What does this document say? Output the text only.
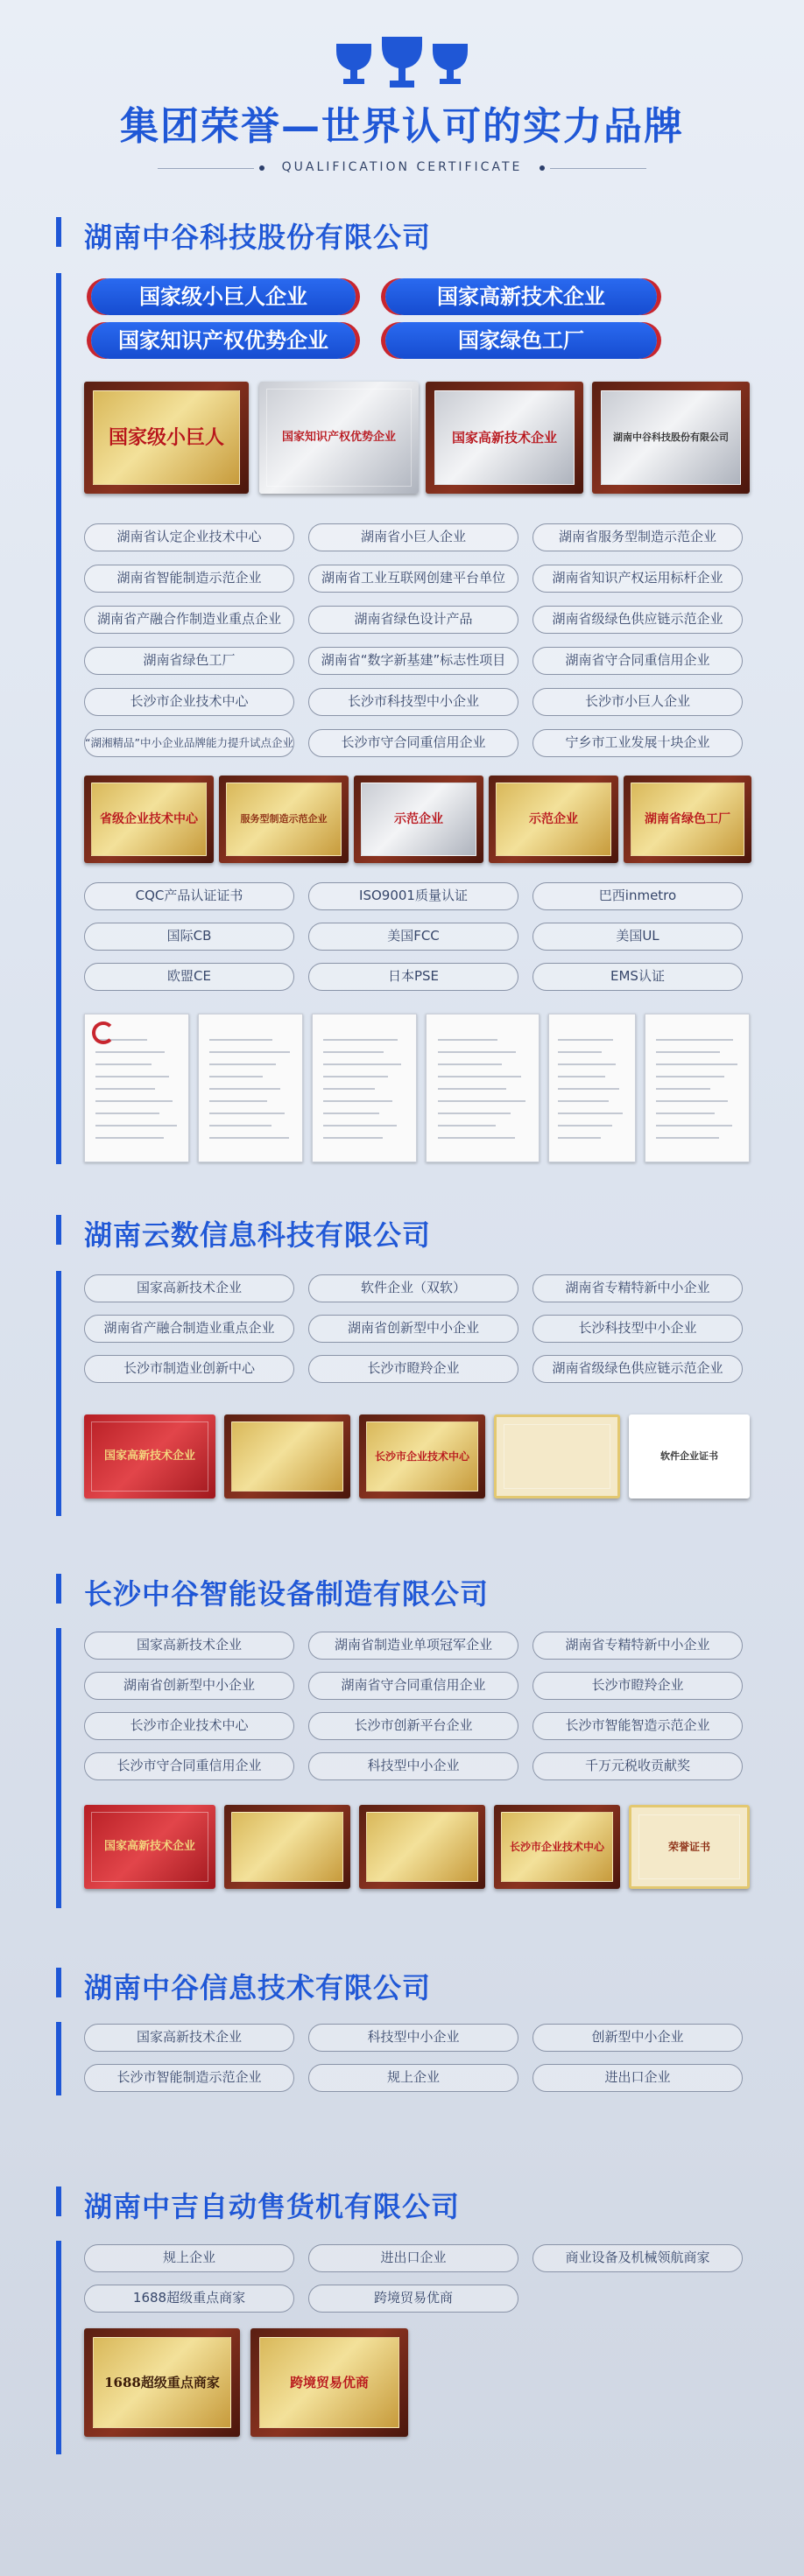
集团荣誉—世界认可的实力品牌
QUALIFICATION CERTIFICATE
湖南中谷科技股份有限公司
国家级小巨人企业	国家高新技术企业
国家知识产权优势企业	国家绿色工厂
国家级小巨人	国家知识产权优势企业	国家高新技术企业	湖南中谷科技股份有限公司
湖南省认定企业技术中心	湖南省小巨人企业	湖南省服务型制造示范企业
湖南省智能制造示范企业	湖南省工业互联网创建平台单位	湖南省知识产权运用标杆企业
湖南省产融合作制造业重点企业	湖南省绿色设计产品	湖南省级绿色供应链示范企业
湖南省绿色工厂	湖南省“数字新基建”标志性项目	湖南省守合同重信用企业
长沙市企业技术中心	长沙市科技型中小企业	长沙市小巨人企业
“湖湘精品”中小企业品牌能力提升试点企业	长沙市守合同重信用企业	宁乡市工业发展十块企业
省级企业技术中心	服务型制造示范企业	示范企业	示范企业	湖南省绿色工厂
CQC产品认证证书	ISO9001质量认证	巴西inmetro
国际CB	美国FCC	美国UL
欧盟CE	日本PSE	EMS认证
湖南云数信息科技有限公司
国家高新技术企业	软件企业（双软）	湖南省专精特新中小企业
湖南省产融合制造业重点企业	湖南省创新型中小企业	长沙科技型中小企业
长沙市制造业创新中心	长沙市瞪羚企业	湖南省级绿色供应链示范企业
国家高新技术企业	长沙市企业技术中心	软件企业证书
长沙中谷智能设备制造有限公司
国家高新技术企业	湖南省制造业单项冠军企业	湖南省专精特新中小企业
湖南省创新型中小企业	湖南省守合同重信用企业	长沙市瞪羚企业
长沙市企业技术中心	长沙市创新平台企业	长沙市智能智造示范企业
长沙市守合同重信用企业	科技型中小企业	千万元税收贡献奖
国家高新技术企业	长沙市企业技术中心	荣誉证书
湖南中谷信息技术有限公司
国家高新技术企业	科技型中小企业	创新型中小企业
长沙市智能制造示范企业	规上企业	进出口企业
湖南中吉自动售货机有限公司
规上企业	进出口企业	商业设备及机械领航商家
1688超级重点商家	跨境贸易优商
1688超级重点商家	跨境贸易优商
